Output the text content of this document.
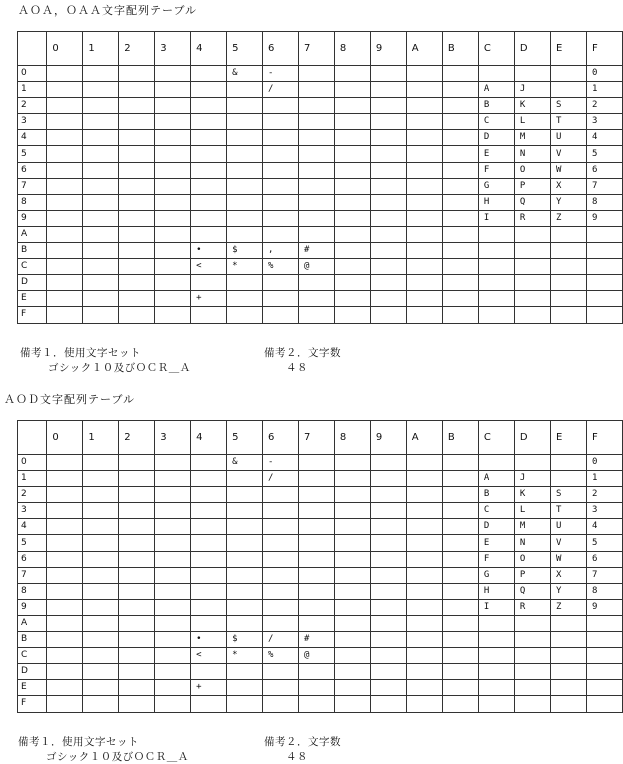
ＡＯＡ，ＯＡＡ文字配列テーブル
	0	1	2	3	4	5	6	7	8	9	A	B	C	D	E	F
0						&	-									0
1							/						A	J		1
2													B	K	S	2
3													C	L	T	3
4													D	M	U	4
5													E	N	V	5
6													F	O	W	6
7													G	P	X	7
8													H	Q	Y	8
9													I	R	Z	9
A																
B					•	$	,	#								
C					<	*	%	@								
D																
E					+											
F																
備考１．使用文字セット
ゴシック１０及びＯＣＲ＿Ａ
備考２．文字数
４８
ＡＯＤ文字配列テーブル
	0	1	2	3	4	5	6	7	8	9	A	B	C	D	E	F
0						&	-									0
1							/						A	J		1
2													B	K	S	2
3													C	L	T	3
4													D	M	U	4
5													E	N	V	5
6													F	O	W	6
7													G	P	X	7
8													H	Q	Y	8
9													I	R	Z	9
A																
B					•	$	/	#								
C					<	*	%	@								
D																
E					+											
F																
備考１．使用文字セット
ゴシック１０及びＯＣＲ＿Ａ
備考２．文字数
４８
